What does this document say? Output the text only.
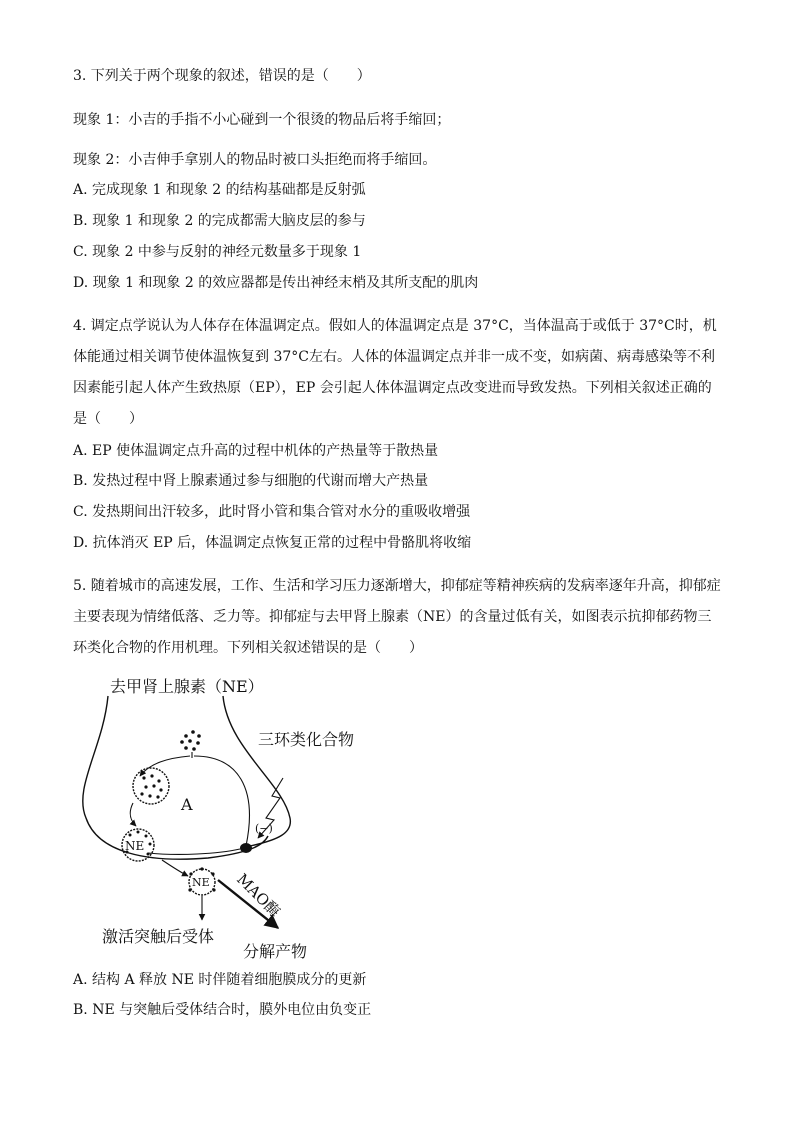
3. 下列关于两个现象的叙述，错误的是（　　）
现象 1：小吉的手指不小心碰到一个很烫的物品后将手缩回；
现象 2：小吉伸手拿别人的物品时被口头拒绝而将手缩回。
A. 完成现象 1 和现象 2 的结构基础都是反射弧
B. 现象 1 和现象 2 的完成都需大脑皮层的参与
C. 现象 2 中参与反射的神经元数量多于现象 1
D. 现象 1 和现象 2 的效应器都是传出神经末梢及其所支配的肌肉
4. 调定点学说认为人体存在体温调定点。假如人的体温调定点是 37°C，当体温高于或低于 37°C时，机体能通过相关调节使体温恢复到 37°C左右。人体的体温调定点并非一成不变，如病菌、病毒感染等不利因素能引起人体产生致热原（EP），EP 会引起人体体温调定点改变进而导致发热。下列相关叙述正确的是（　　）
A. EP 使体温调定点升高的过程中机体的产热量等于散热量
B. 发热过程中肾上腺素通过参与细胞的代谢而增大产热量
C. 发热期间出汗较多，此时肾小管和集合管对水分的重吸收增强
D. 抗体消灭 EP 后，体温调定点恢复正常的过程中骨骼肌将收缩
5. 随着城市的高速发展，工作、生活和学习压力逐渐增大，抑郁症等精神疾病的发病率逐年升高，抑郁症主要表现为情绪低落、乏力等。抑郁症与去甲肾上腺素（NE）的含量过低有关，如图表示抗抑郁药物三环类化合物的作用机理。下列相关叙述错误的是（　　）
去甲肾上腺素（NE）
三环类化合物
A
(−)
NE
NE MAO酶
激活突触后受体
分解产物
A. 结构 A 释放 NE 时伴随着细胞膜成分的更新
B. NE 与突触后受体结合时，膜外电位由负变正
